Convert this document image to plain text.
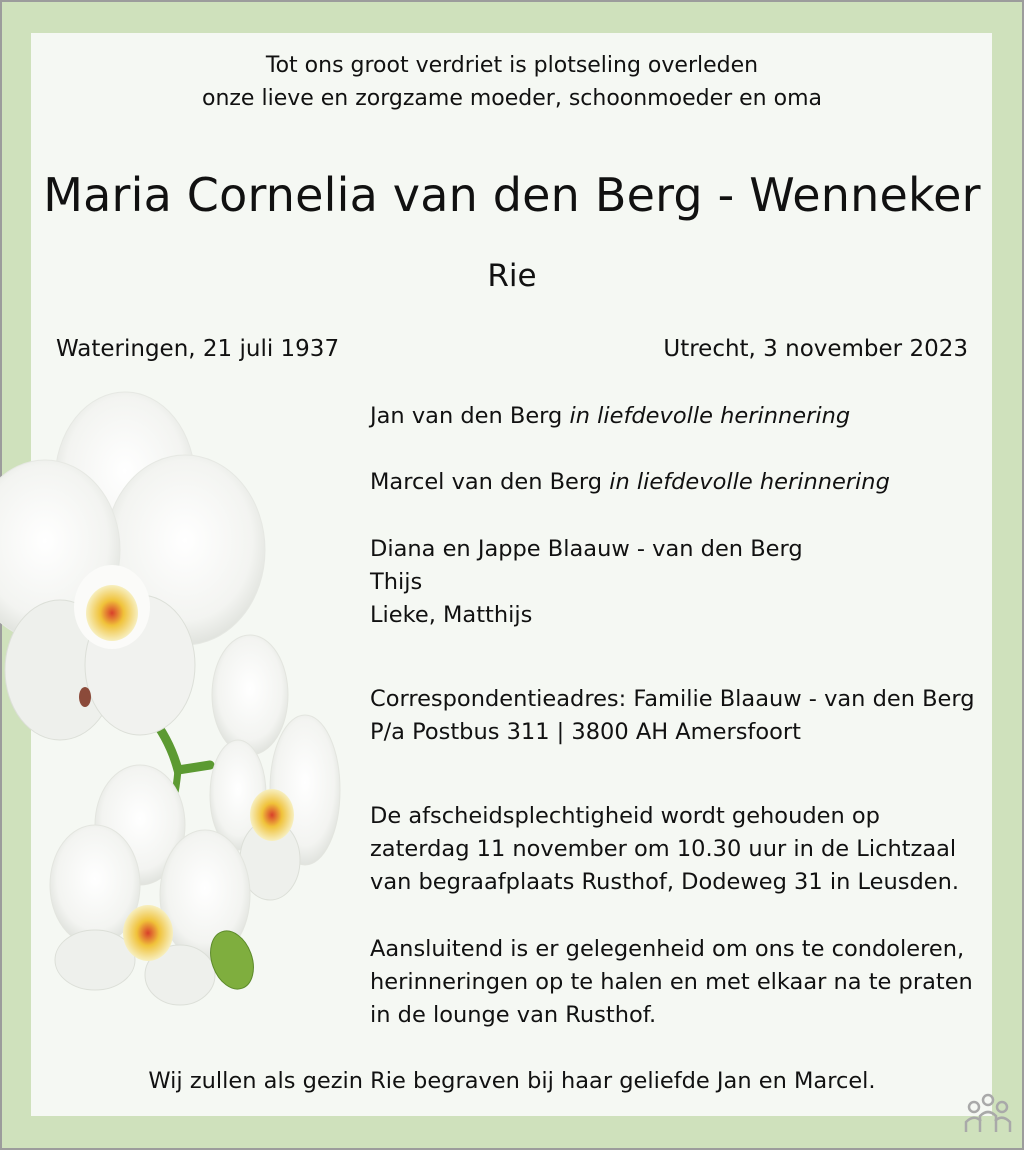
Tot ons groot verdriet is plotseling overleden
onze lieve en zorgzame moeder, schoonmoeder en oma
Maria Cornelia van den Berg - Wenneker
Rie
Wateringen, 21 juli 1937	Utrecht, 3 november 2023
Jan van den Berg in liefdevolle herinnering
Marcel van den Berg in liefdevolle herinnering
Diana en Jappe Blaauw - van den Berg
Thijs
Lieke, Matthijs
Correspondentieadres: Familie Blaauw - van den Berg
P/a Postbus 311 | 3800 AH Amersfoort
De afscheidsplechtigheid wordt gehouden op
zaterdag 11 november om 10.30 uur in de Lichtzaal
van begraafplaats Rusthof, Dodeweg 31 in Leusden.
Aansluitend is er gelegenheid om ons te condoleren,
herinneringen op te halen en met elkaar na te praten
in de lounge van Rusthof.
Wij zullen als gezin Rie begraven bij haar geliefde Jan en Marcel.
